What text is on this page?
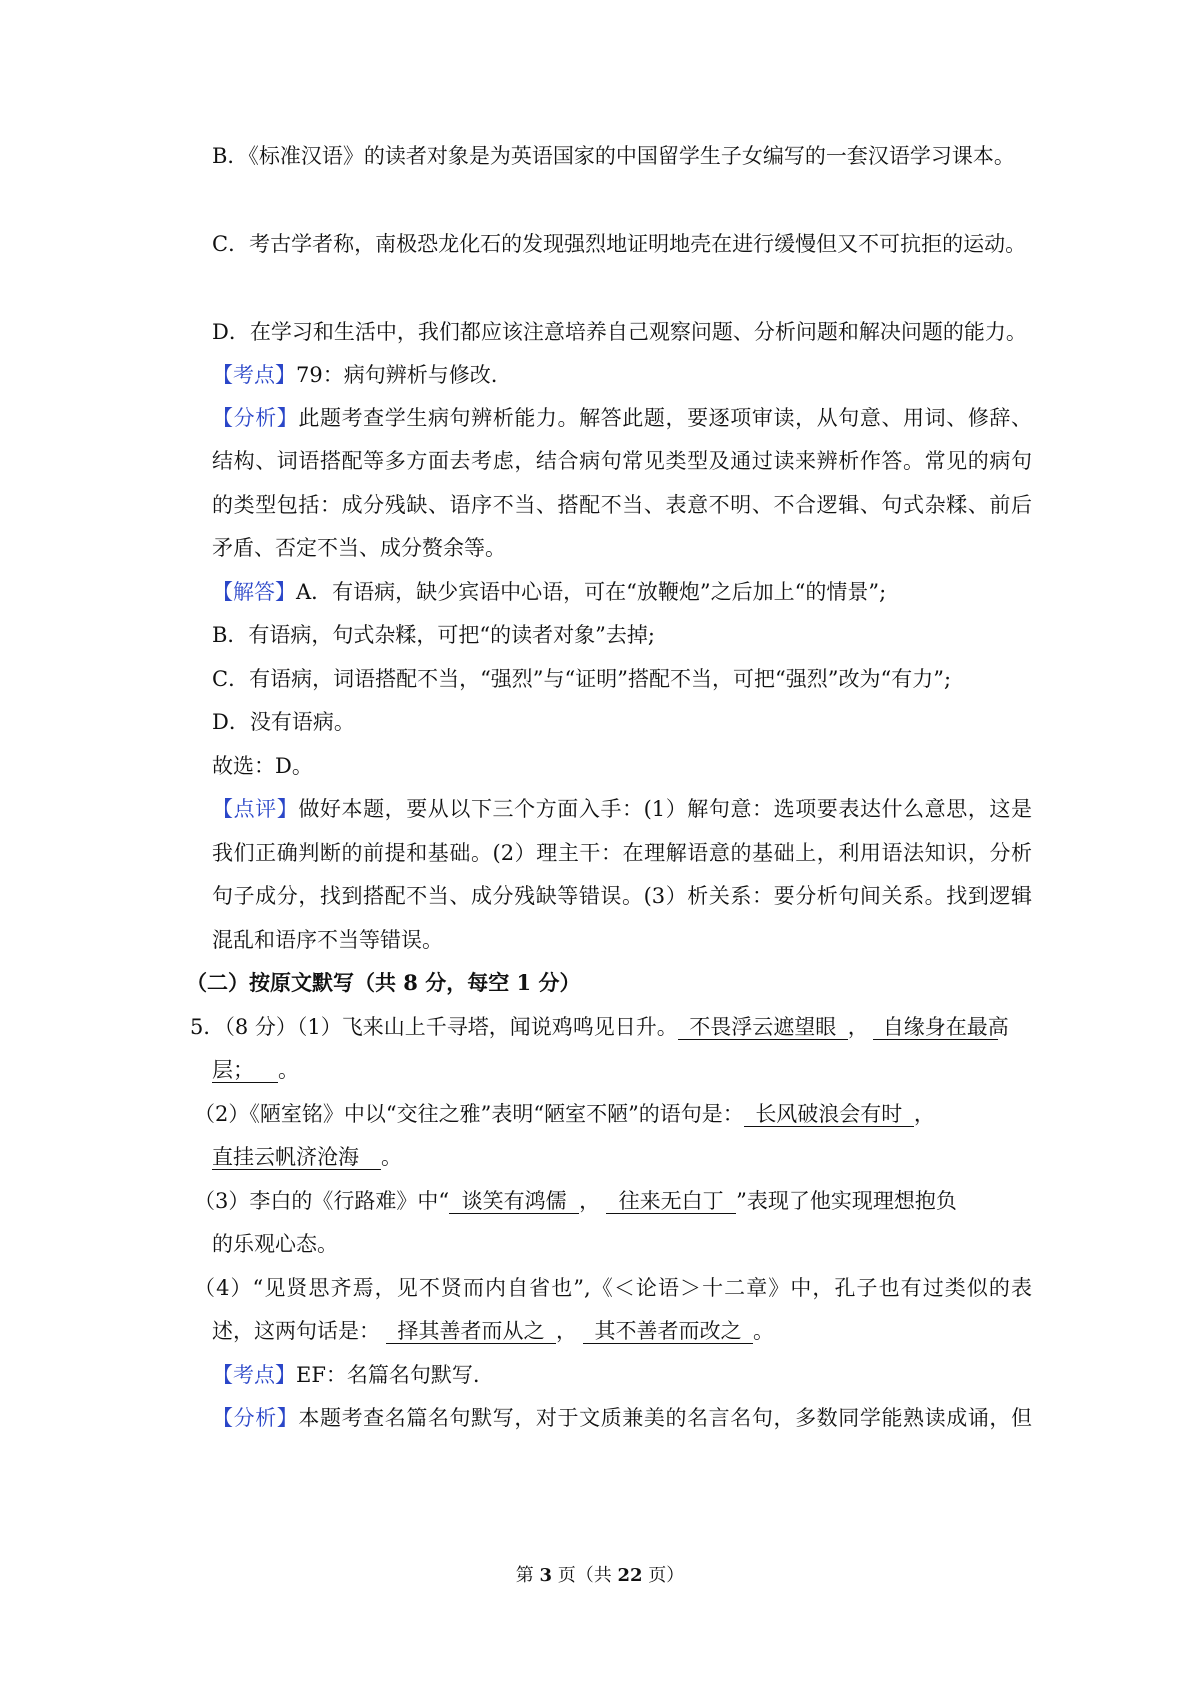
B．《标准汉语》的读者对象是为英语国家的中国留学生子女编写的一套汉语学习课本。
C．考古学者称，南极恐龙化石的发现强烈地证明地壳在进行缓慢但又不可抗拒的运动。
D．在学习和生活中，我们都应该注意培养自己观察问题、分析问题和解决问题的能力。
【考点】79：病句辨析与修改.
【分析】此题考查学生病句辨析能力。解答此题，要逐项审读，从句意、用词、修辞、
结构、词语搭配等多方面去考虑，结合病句常见类型及通过读来辨析作答。常见的病句
的类型包括：成分残缺、语序不当、搭配不当、表意不明、不合逻辑、句式杂糅、前后
矛盾、否定不当、成分赘余等。
【解答】A．有语病，缺少宾语中心语，可在“放鞭炮”之后加上“的情景”;
B．有语病，句式杂糅，可把“的读者对象”去掉;
C．有语病，词语搭配不当，“强烈”与“证明”搭配不当，可把“强烈”改为“有力”;
D．没有语病。
故选：D。
【点评】做好本题，要从以下三个方面入手：(1）解句意：选项要表达什么意思，这是
我们正确判断的前提和基础。(2）理主干：在理解语意的基础上，利用语法知识，分析
句子成分，找到搭配不当、成分残缺等错误。(3）析关系：要分析句间关系。找到逻辑
混乱和语序不当等错误。
（二）按原文默写（共 8 分，每空 1 分）
5．（8 分）（1）飞来山上千寻塔，闻说鸡鸣见日升。 不畏浮云遮望眼 ， 自缘身在最高
层； 。
（2）《陋室铭》中以“交往之雅”表明“陋室不陋”的语句是： 长风破浪会有时 ，
直挂云帆济沧海 。
（3）李白的《行路难》中“ 谈笑有鸿儒 ， 往来无白丁 ”表现了他实现理想抱负
的乐观心态。
（4）“见贤思齐焉，见不贤而内自省也”,《＜论语＞十二章》中，孔子也有过类似的表
述，这两句话是： 择其善者而从之 ， 其不善者而改之 。
【考点】EF：名篇名句默写.
【分析】本题考查名篇名句默写，对于文质兼美的名言名句，多数同学能熟读成诵，但
第 3 页（共 22 页）
